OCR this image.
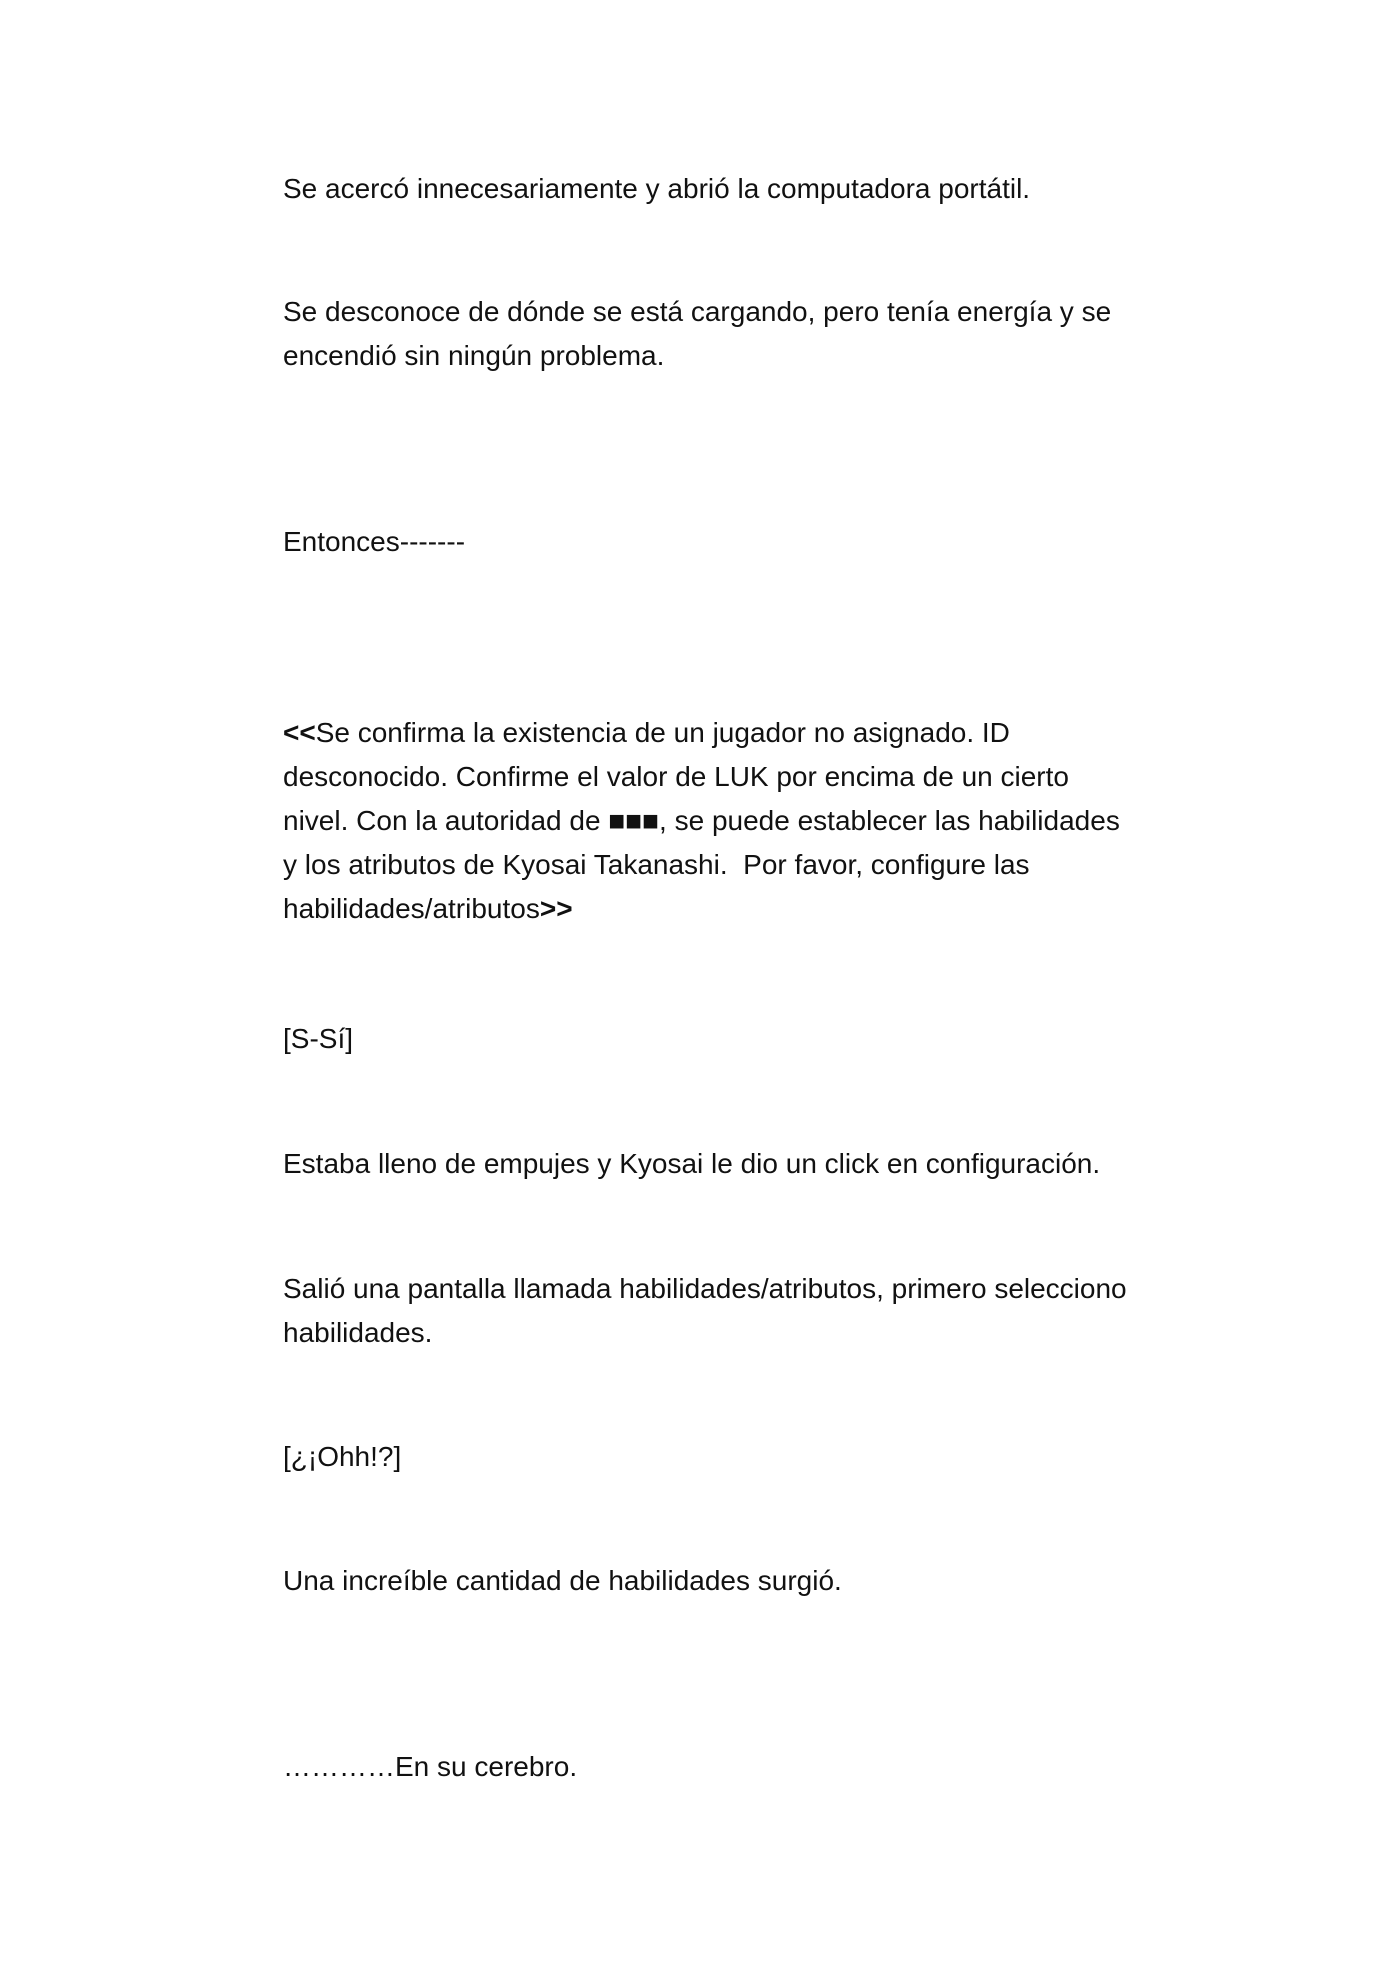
Se acercó innecesariamente y abrió la computadora portátil.

Se desconoce de dónde se está cargando, pero tenía energía y se
encendió sin ningún problema.

Entonces-------

<<Se confirma la existencia de un jugador no asignado. ID
desconocido. Confirme el valor de LUK por encima de un cierto
nivel. Con la autoridad de ■■■, se puede establecer las habilidades
y los atributos de Kyosai Takanashi.  Por favor, configure las
habilidades/atributos>>

[S-Sí]

Estaba lleno de empujes y Kyosai le dio un click en configuración.

Salió una pantalla llamada habilidades/atributos, primero selecciono
habilidades.

[¿¡Ohh!?]

Una increíble cantidad de habilidades surgió.

…………En su cerebro.
